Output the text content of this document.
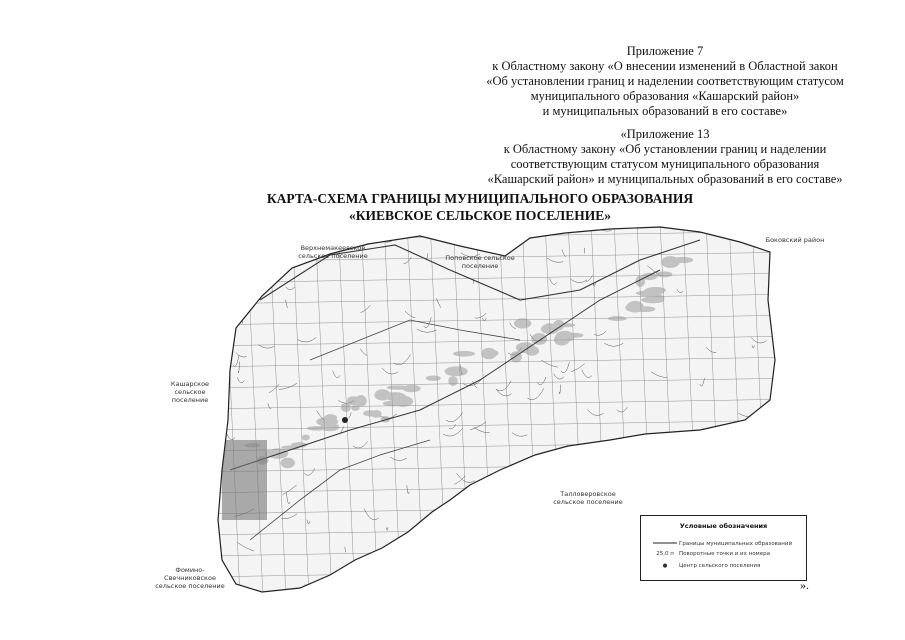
Приложение 7
к Областному закону «О внесении изменений в Областной закон
«Об установлении границ и наделении соответствующим статусом
муниципального образования «Кашарский район»
и муниципальных образований в его составе»
«Приложение 13
к Областному закону «Об установлении границ и наделении
соответствующим статусом муниципального образования
«Кашарский район» и муниципальных образований в его составе»
КАРТА-СХЕМА ГРАНИЦЫ МУНИЦИПАЛЬНОГО ОБРАЗОВАНИЯ
«КИЕВСКОЕ СЕЛЬСКОЕ ПОСЕЛЕНИЕ»
Верхнемакеевское сельское поселение	Поповское сельское поселение
Боковский район
Кашарское сельское поселение
Талловеровское сельское поселение
Фомино-Свечниковское сельское поселение
Условные обозначения
Границы муниципальных образований
25,0 п Поворотные точки и их номера
●	Центр сельского поселения
».
